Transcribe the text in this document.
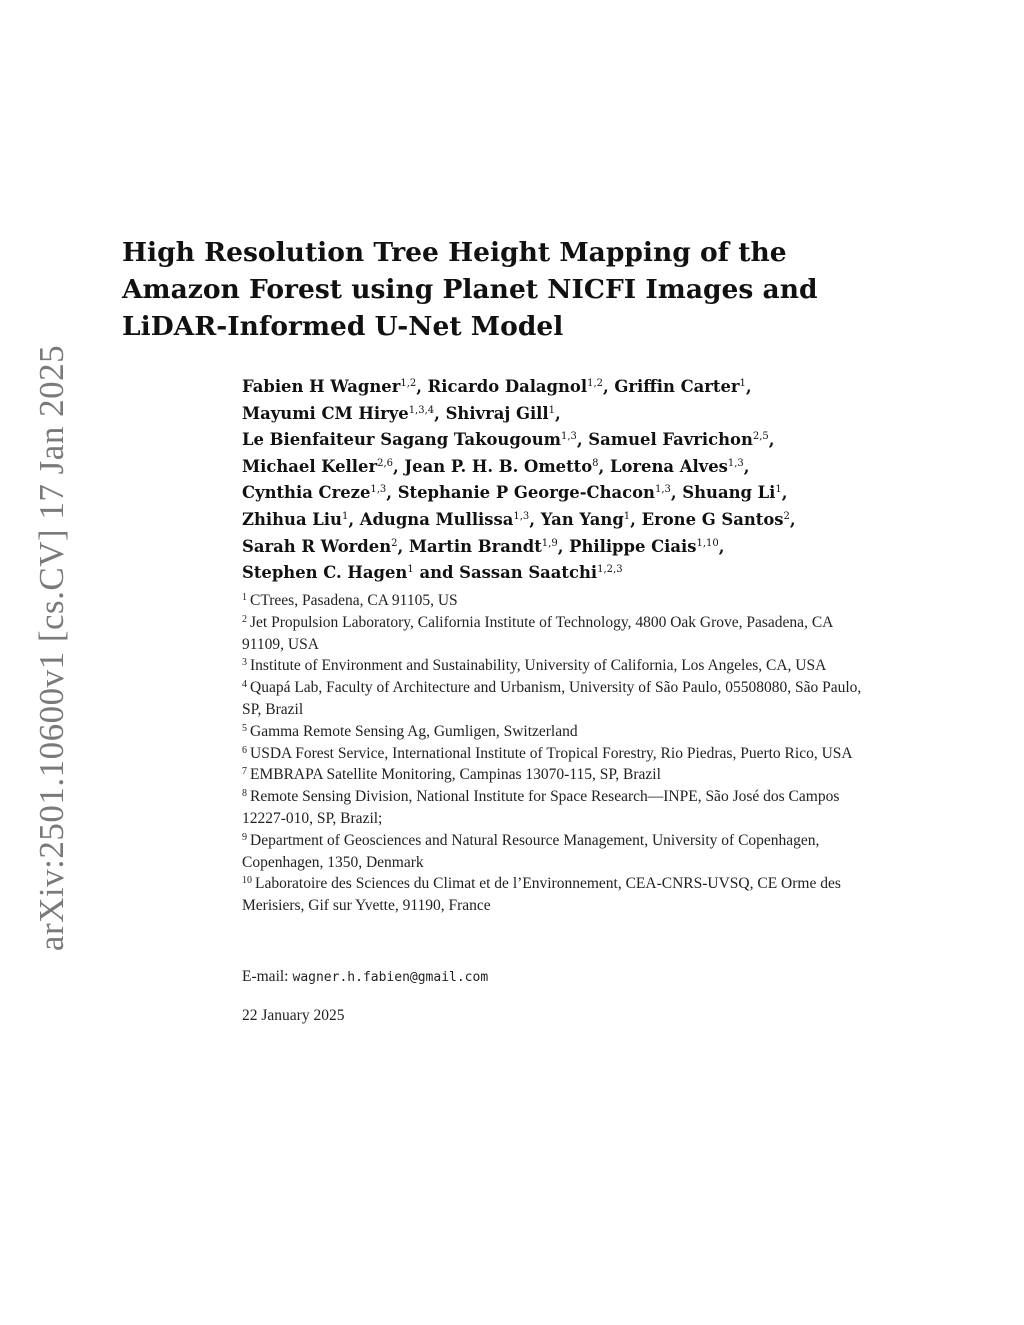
arXiv:2501.10600v1 [cs.CV] 17 Jan 2025
High Resolution Tree Height Mapping of the Amazon Forest using Planet NICFI Images and LiDAR-Informed U-Net Model
Fabien H Wagner$^{1,2}$, Ricardo Dalagnol$^{1,2}$, Griffin Carter$^1$, Mayumi CM Hirye$^{1,3,4}$, Shivraj Gill$^1$, Le Bienfaiteur Sagang Takougoum$^{1,3}$, Samuel Favrichon$^{2,5}$, Michael Keller$^{2,6}$, Jean P. H. B. Ometto$^8$, Lorena Alves$^{1,3}$, Cynthia Creze$^{1,3}$, Stephanie P George-Chacon$^{1,3}$, Shuang Li$^1$, Zhihua Liu$^1$, Adugna Mullissa$^{1,3}$, Yan Yang$^1$, Erone G Santos$^2$, Sarah R Worden$^2$, Martin Brandt$^{1,9}$, Philippe Ciais$^{1,10}$, Stephen C. Hagen$^1$ and Sassan Saatchi$^{1,2,3}$

$^1$ CTrees, Pasadena, CA 91105, US

$^2$ Jet Propulsion Laboratory, California Institute of Technology, 4800 Oak Grove, Pasadena, CA 91109, USA

$^3$ Institute of Environment and Sustainability, University of California, Los Angeles, CA, USA

$^4$ Quapá Lab, Faculty of Architecture and Urbanism, University of São Paulo, 05508080, São Paulo, SP, Brazil

$^5$ Gamma Remote Sensing Ag, Gumligen, Switzerland

$^6$ USDA Forest Service, International Institute of Tropical Forestry, Rio Piedras, Puerto Rico, USA

$^7$ EMBRAPA Satellite Monitoring, Campinas 13070-115, SP, Brazil

$^8$ Remote Sensing Division, National Institute for Space Research—INPE, São José dos Campos 12227-010, SP, Brazil;

$^9$ Department of Geosciences and Natural Resource Management, University of Copenhagen, Copenhagen, 1350, Denmark

$^{10}$ Laboratoire des Sciences du Climat et de l’Environnement, CEA-CNRS-UVSQ, CE Orme des Merisiers, Gif sur Yvette, 91190, France

E-mail: wagner.h.fabien@gmail.com
22 January 2025
